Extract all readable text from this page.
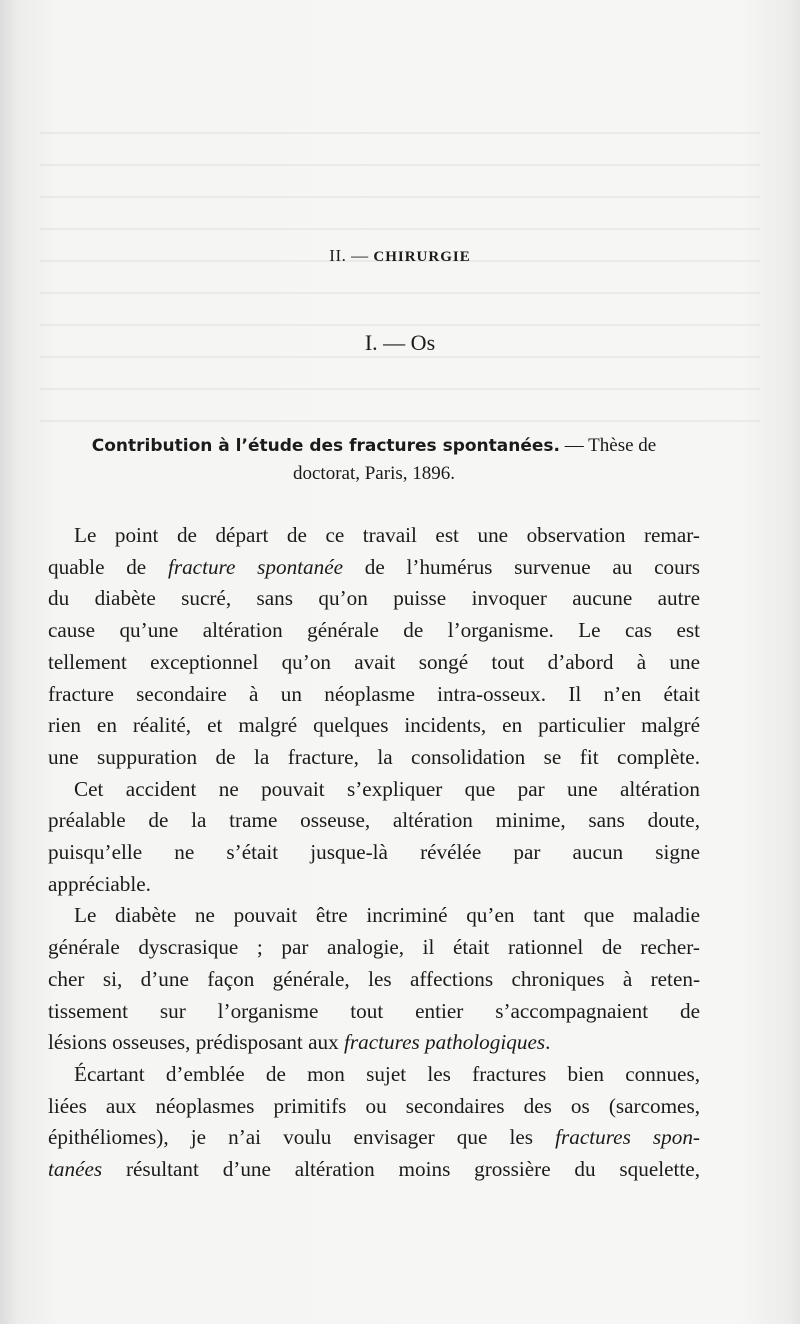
II. — CHIRURGIE
I. — Os
Contribution à l’étude des fractures spontanées. — Thèse de
doctorat, Paris, 1896.
Le point de départ de ce travail est une observation remar-
quable de fracture spontanée de l’humérus survenue au cours
du diabète sucré, sans qu’on puisse invoquer aucune autre
cause qu’une altération générale de l’organisme. Le cas est
tellement exceptionnel qu’on avait songé tout d’abord à une
fracture secondaire à un néoplasme intra-osseux. Il n’en était
rien en réalité, et malgré quelques incidents, en particulier malgré
une suppuration de la fracture, la consolidation se fit complète.
Cet accident ne pouvait s’expliquer que par une altération
préalable de la trame osseuse, altération minime, sans doute,
puisqu’elle ne s’était jusque-là révélée par aucun signe
appréciable.
Le diabète ne pouvait être incriminé qu’en tant que maladie
générale dyscrasique ; par analogie, il était rationnel de recher-
cher si, d’une façon générale, les affections chroniques à reten-
tissement sur l’organisme tout entier s’accompagnaient de
lésions osseuses, prédisposant aux fractures pathologiques.
Écartant d’emblée de mon sujet les fractures bien connues,
liées aux néoplasmes primitifs ou secondaires des os (sarcomes,
épithéliomes), je n’ai voulu envisager que les fractures spon-
tanées résultant d’une altération moins grossière du squelette,
